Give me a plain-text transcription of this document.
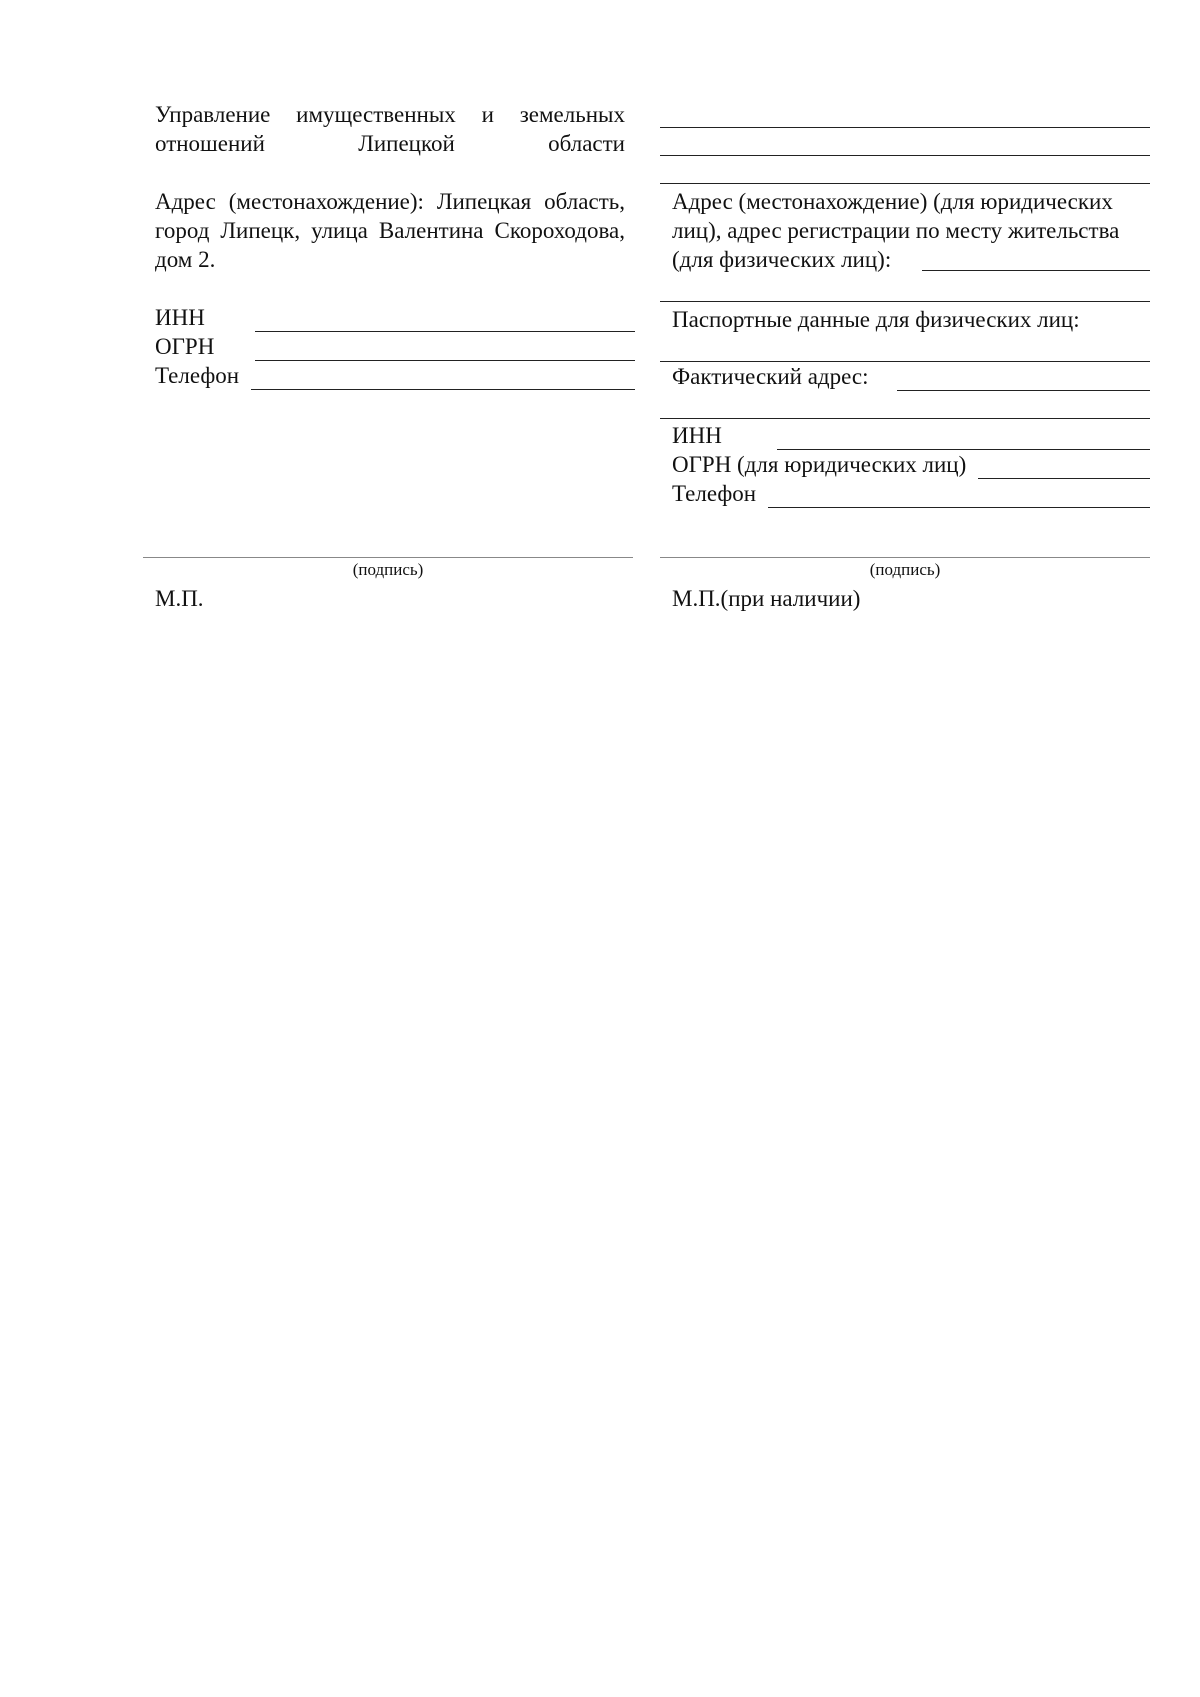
Управление имущественных и земельных отношений Липецкой области
Адрес (местонахождение): Липецкая область, город Липецк, улица Валентина Скороходова, дом 2.
ИНН
ОГРН
Телефон
Адрес (местонахождение) (для юридических лиц), адрес регистрации по месту жительства (для физических лиц):
Паспортные данные для физических лиц:
Фактический адрес:
ИНН
ОГРН (для юридических лиц)
Телефон
(подпись)
М.П.
(подпись)
М.П.(при наличии)
